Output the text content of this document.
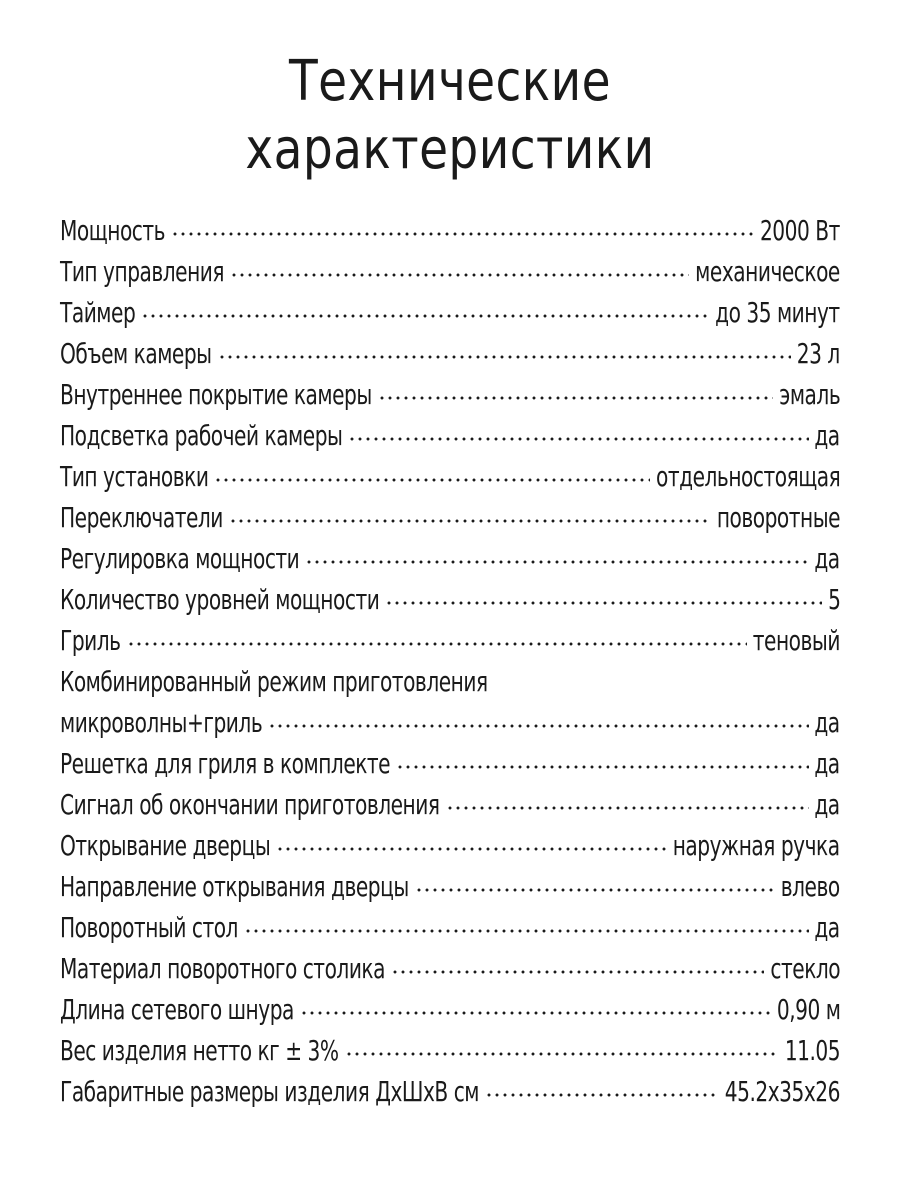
Технические
характеристики
Мощность	2000 Вт
Тип управления	механическое
Таймер	до 35 минут
Объем камеры	23 л
Внутреннее покрытие камеры	эмаль
Подсветка рабочей камеры	да
Тип установки	отдельностоящая
Переключатели	поворотные
Регулировка мощности	да
Количество уровней мощности	5
Гриль	теновый
Комбинированный режим приготовления
микроволны+гриль	да
Решетка для гриля в комплекте	да
Сигнал об окончании приготовления	да
Открывание дверцы	наружная ручка
Направление открывания дверцы	влево
Поворотный стол	да
Материал поворотного столика	стекло
Длина сетевого шнура	0,90 м
Вес изделия нетто кг ± 3%	11.05
Габаритные размеры изделия ДхШхВ см	45.2x35x26
